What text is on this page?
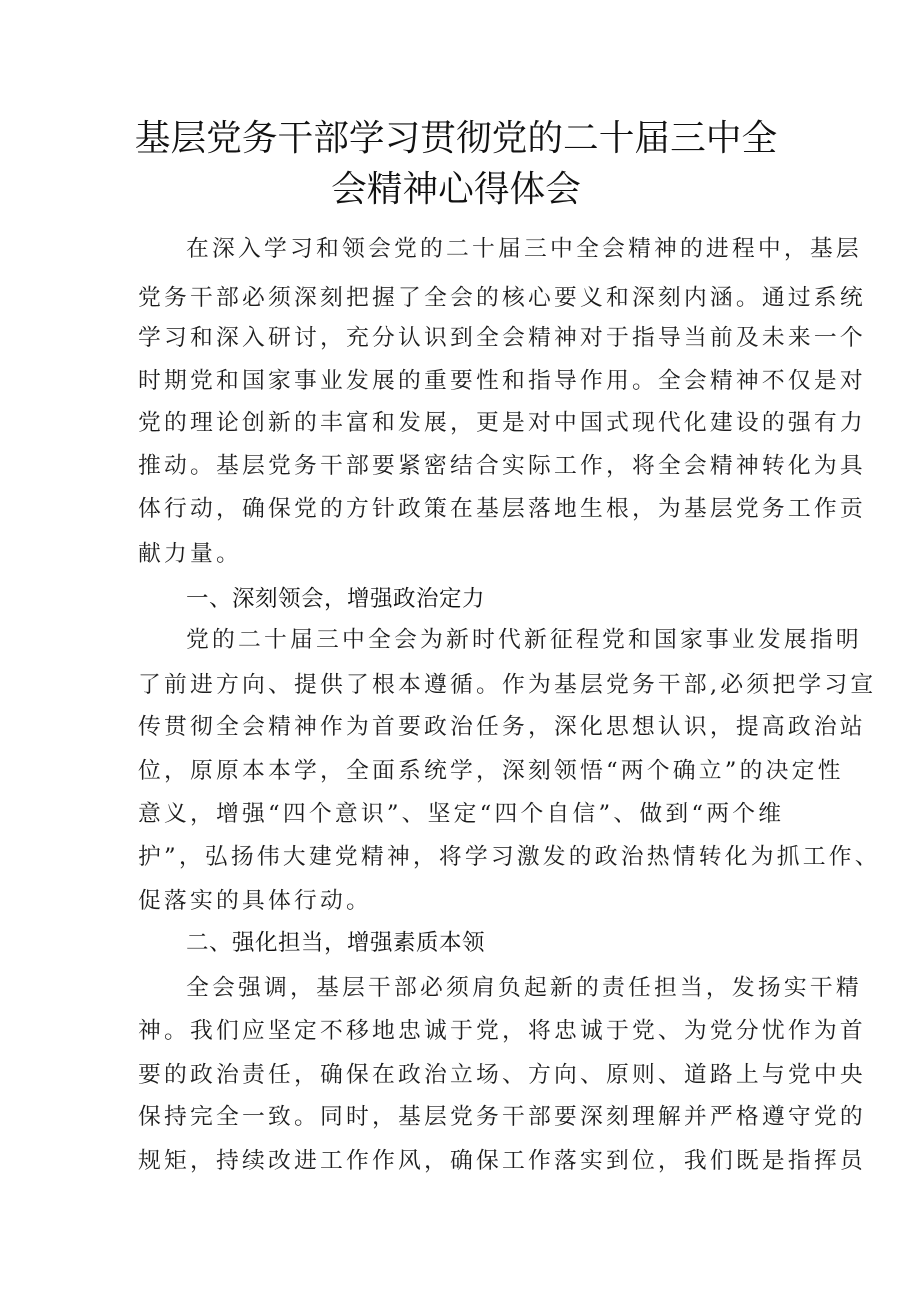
基层党务干部学习贯彻党的二十届三中全
会精神心得体会

在深入学习和领会党的二十届三中全会精神的进程中，基层

党务干部必须深刻把握了全会的核心要义和深刻内涵。通过系统

学习和深入研讨，充分认识到全会精神对于指导当前及未来一个

时期党和国家事业发展的重要性和指导作用。全会精神不仅是对

党的理论创新的丰富和发展，更是对中国式现代化建设的强有力

推动。基层党务干部要紧密结合实际工作，将全会精神转化为具

体行动，确保党的方针政策在基层落地生根，为基层党务工作贡

献力量。

一、深刻领会，增强政治定力

党的二十届三中全会为新时代新征程党和国家事业发展指明

了前进方向、提供了根本遵循。作为基层党务干部,必须把学习宣

传贯彻全会精神作为首要政治任务，深化思想认识，提高政治站

位，原原本本学，全面系统学，深刻领悟“两个确立”的决定性

意义，增强“四个意识”、坚定“四个自信”、做到“两个维

护”，弘扬伟大建党精神，将学习激发的政治热情转化为抓工作、

促落实的具体行动。

二、强化担当，增强素质本领

全会强调，基层干部必须肩负起新的责任担当，发扬实干精

神。我们应坚定不移地忠诚于党，将忠诚于党、为党分忧作为首

要的政治责任，确保在政治立场、方向、原则、道路上与党中央

保持完全一致。同时，基层党务干部要深刻理解并严格遵守党的

规矩，持续改进工作作风，确保工作落实到位，我们既是指挥员
